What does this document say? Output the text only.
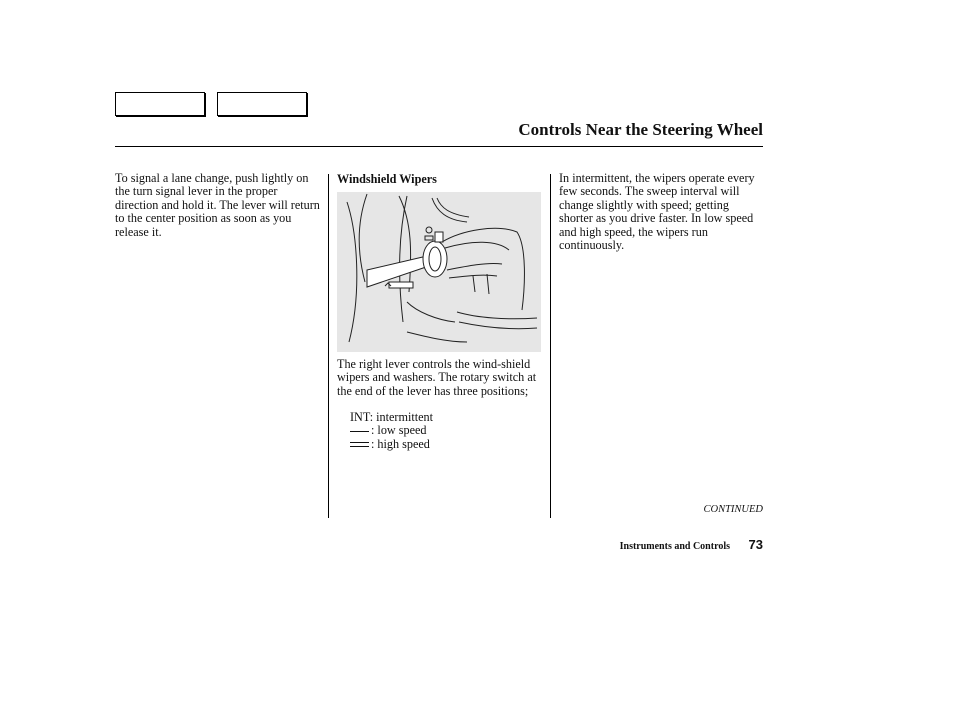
Controls Near the Steering Wheel

To signal a lane change, push lightly on the turn signal lever in the proper direction and hold it. The lever will return to the center position as soon as you release it.

Windshield Wipers

The right lever controls the wind-shield wipers and washers. The rotary switch at the end of the lever has three positions;

INT: intermittent
: low speed
: high speed

In intermittent, the wipers operate every few seconds. The sweep interval will change slightly with speed; getting shorter as you drive faster. In low speed and high speed, the wipers run continuously.

CONTINUED
Instruments and Controls 73
